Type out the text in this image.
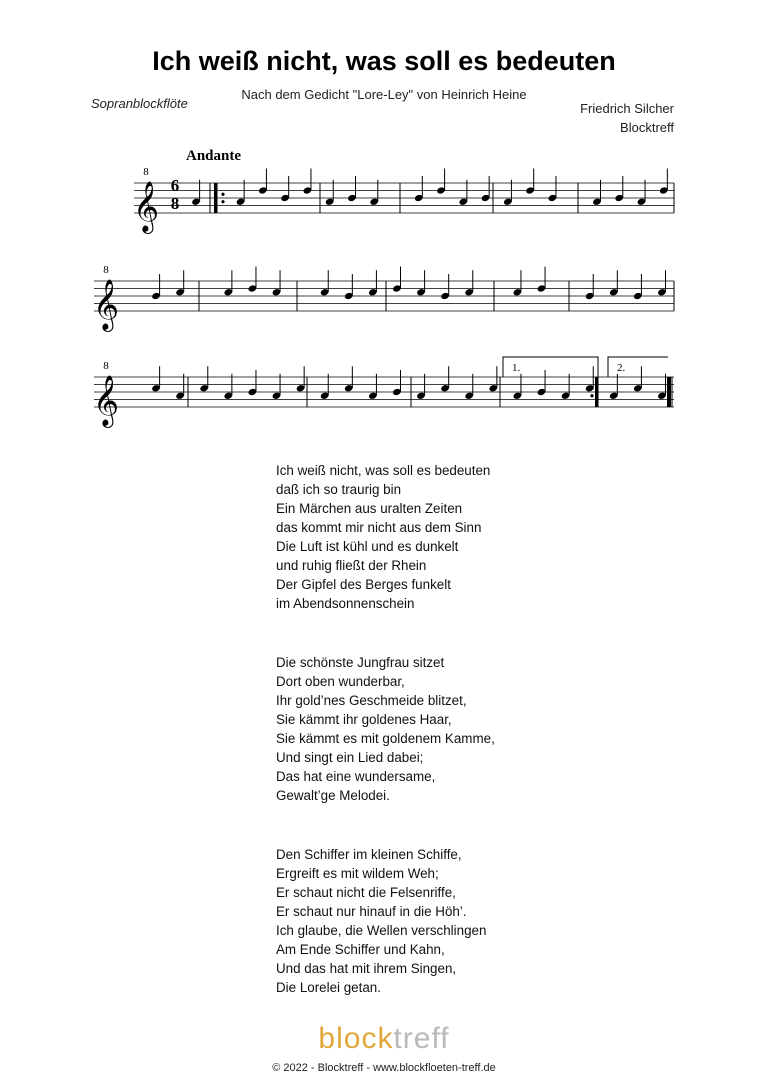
Ich weiß nicht, was soll es bedeuten
Nach dem Gedicht "Lore-Ley" von Heinrich Heine
Sopranblockflöte	Friedrich Silcher
Blocktreff
Andante
𝄞
8
𝄞
8
𝄞
8
6
8
1.	2.
Ich weiß nicht, was soll es bedeuten
daß ich so traurig bin
Ein Märchen aus uralten Zeiten
das kommt mir nicht aus dem Sinn
Die Luft ist kühl und es dunkelt
und ruhig fließt der Rhein
Der Gipfel des Berges funkelt
im Abendsonnenschein
Die schönste Jungfrau sitzet
Dort oben wunderbar,
Ihr gold’nes Geschmeide blitzet,
Sie kämmt ihr goldenes Haar,
Sie kämmt es mit goldenem Kamme,
Und singt ein Lied dabei;
Das hat eine wundersame,
Gewalt’ge Melodei.
Den Schiffer im kleinen Schiffe,
Ergreift es mit wildem Weh;
Er schaut nicht die Felsenriffe,
Er schaut nur hinauf in die Höh’.
Ich glaube, die Wellen verschlingen
Am Ende Schiffer und Kahn,
Und das hat mit ihrem Singen,
Die Lorelei getan.
blocktreff
© 2022 - Blocktreff - www.blockfloeten-treff.de
